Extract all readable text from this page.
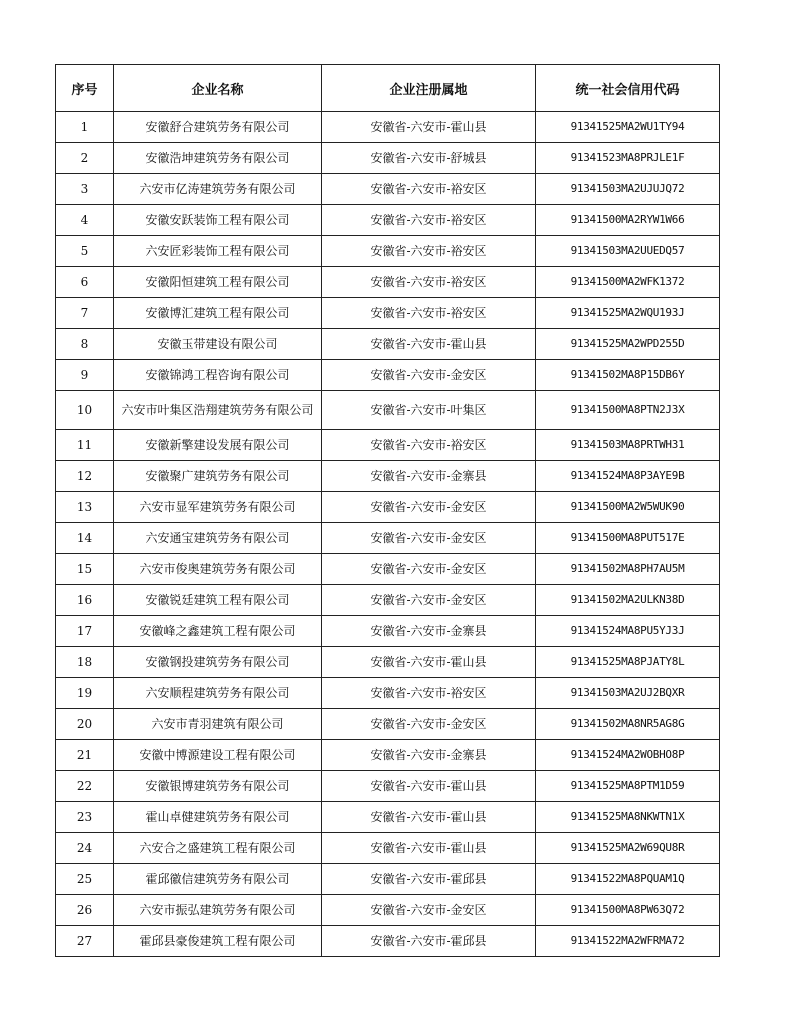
序号	企业名称	企业注册属地	统一社会信用代码
1	安徽舒合建筑劳务有限公司	安徽省-六安市-霍山县	91341525MA2WU1TY94
2	安徽浩坤建筑劳务有限公司	安徽省-六安市-舒城县	91341523MA8PRJLE1F
3	六安市亿涛建筑劳务有限公司	安徽省-六安市-裕安区	91341503MA2UJUJQ72
4	安徽安跃装饰工程有限公司	安徽省-六安市-裕安区	91341500MA2RYW1W66
5	六安匠彩装饰工程有限公司	安徽省-六安市-裕安区	91341503MA2UUEDQ57
6	安徽阳恒建筑工程有限公司	安徽省-六安市-裕安区	91341500MA2WFK1372
7	安徽博汇建筑工程有限公司	安徽省-六安市-裕安区	91341525MA2WQU193J
8	安徽玉带建设有限公司	安徽省-六安市-霍山县	91341525MA2WPD255D
9	安徽锦鸿工程咨询有限公司	安徽省-六安市-金安区	91341502MA8P15DB6Y
10	六安市叶集区浩翔建筑劳务有限公司	安徽省-六安市-叶集区	91341500MA8PTN2J3X
11	安徽新擎建设发展有限公司	安徽省-六安市-裕安区	91341503MA8PRTWH31
12	安徽聚广建筑劳务有限公司	安徽省-六安市-金寨县	91341524MA8P3AYE9B
13	六安市显军建筑劳务有限公司	安徽省-六安市-金安区	91341500MA2W5WUK90
14	六安通宝建筑劳务有限公司	安徽省-六安市-金安区	91341500MA8PUT517E
15	六安市俊奥建筑劳务有限公司	安徽省-六安市-金安区	91341502MA8PH7AU5M
16	安徽锐廷建筑工程有限公司	安徽省-六安市-金安区	91341502MA2ULKN38D
17	安徽峰之鑫建筑工程有限公司	安徽省-六安市-金寨县	91341524MA8PU5YJ3J
18	安徽钢投建筑劳务有限公司	安徽省-六安市-霍山县	91341525MA8PJATY8L
19	六安顺程建筑劳务有限公司	安徽省-六安市-裕安区	91341503MA2UJ2BQXR
20	六安市青羽建筑有限公司	安徽省-六安市-金安区	91341502MA8NR5AG8G
21	安徽中博源建设工程有限公司	安徽省-六安市-金寨县	91341524MA2WOBHO8P
22	安徽银博建筑劳务有限公司	安徽省-六安市-霍山县	91341525MA8PTM1D59
23	霍山卓健建筑劳务有限公司	安徽省-六安市-霍山县	91341525MA8NKWTN1X
24	六安合之盛建筑工程有限公司	安徽省-六安市-霍山县	91341525MA2W69QU8R
25	霍邱徽信建筑劳务有限公司	安徽省-六安市-霍邱县	91341522MA8PQUAM1Q
26	六安市振弘建筑劳务有限公司	安徽省-六安市-金安区	91341500MA8PW63Q72
27	霍邱县豪俊建筑工程有限公司	安徽省-六安市-霍邱县	91341522MA2WFRMA72
